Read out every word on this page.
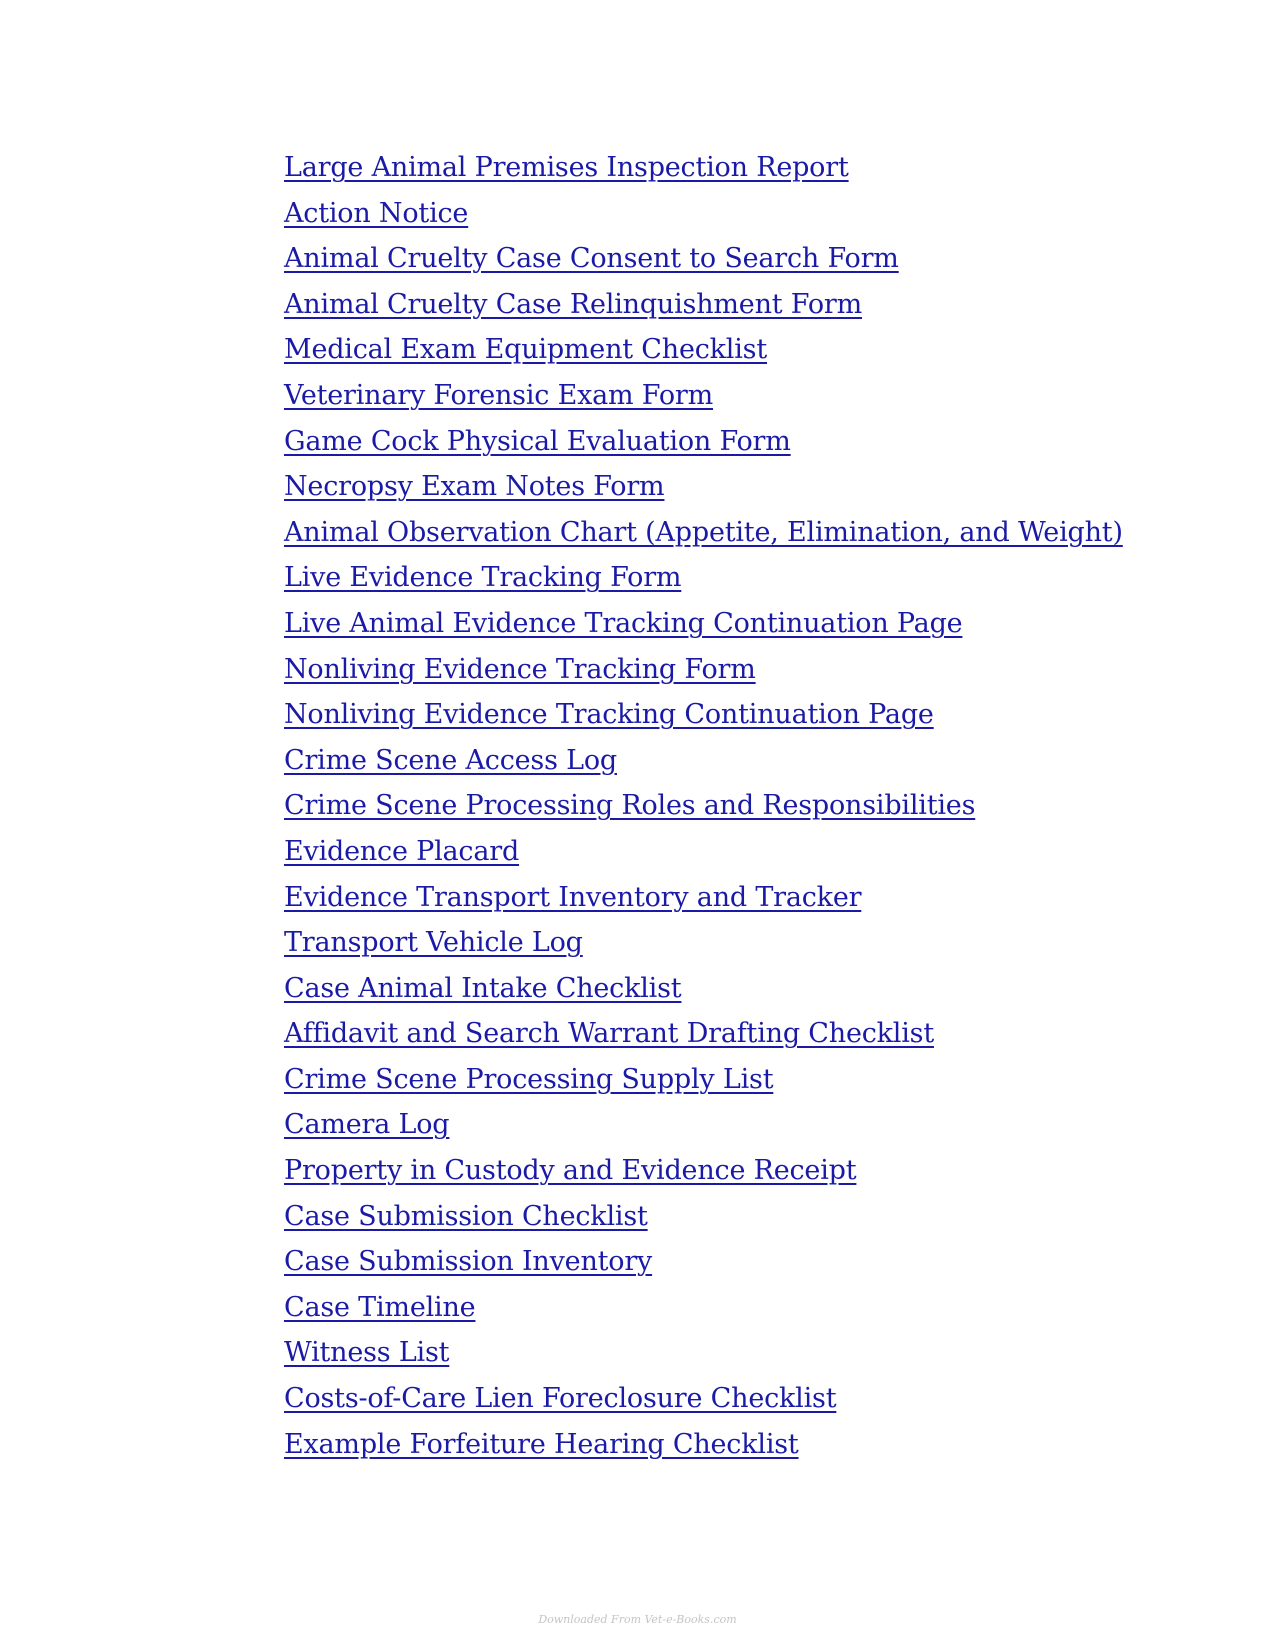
Large Animal Premises Inspection Report
Action Notice
Animal Cruelty Case Consent to Search Form
Animal Cruelty Case Relinquishment Form
Medical Exam Equipment Checklist
Veterinary Forensic Exam Form
Game Cock Physical Evaluation Form
Necropsy Exam Notes Form
Animal Observation Chart (Appetite, Elimination, and Weight)
Live Evidence Tracking Form
Live Animal Evidence Tracking Continuation Page
Nonliving Evidence Tracking Form
Nonliving Evidence Tracking Continuation Page
Crime Scene Access Log
Crime Scene Processing Roles and Responsibilities
Evidence Placard
Evidence Transport Inventory and Tracker
Transport Vehicle Log
Case Animal Intake Checklist
Affidavit and Search Warrant Drafting Checklist
Crime Scene Processing Supply List
Camera Log
Property in Custody and Evidence Receipt
Case Submission Checklist
Case Submission Inventory
Case Timeline
Witness List
Costs-of-Care Lien Foreclosure Checklist
Example Forfeiture Hearing Checklist
Downloaded From Vet-e-Books.com
